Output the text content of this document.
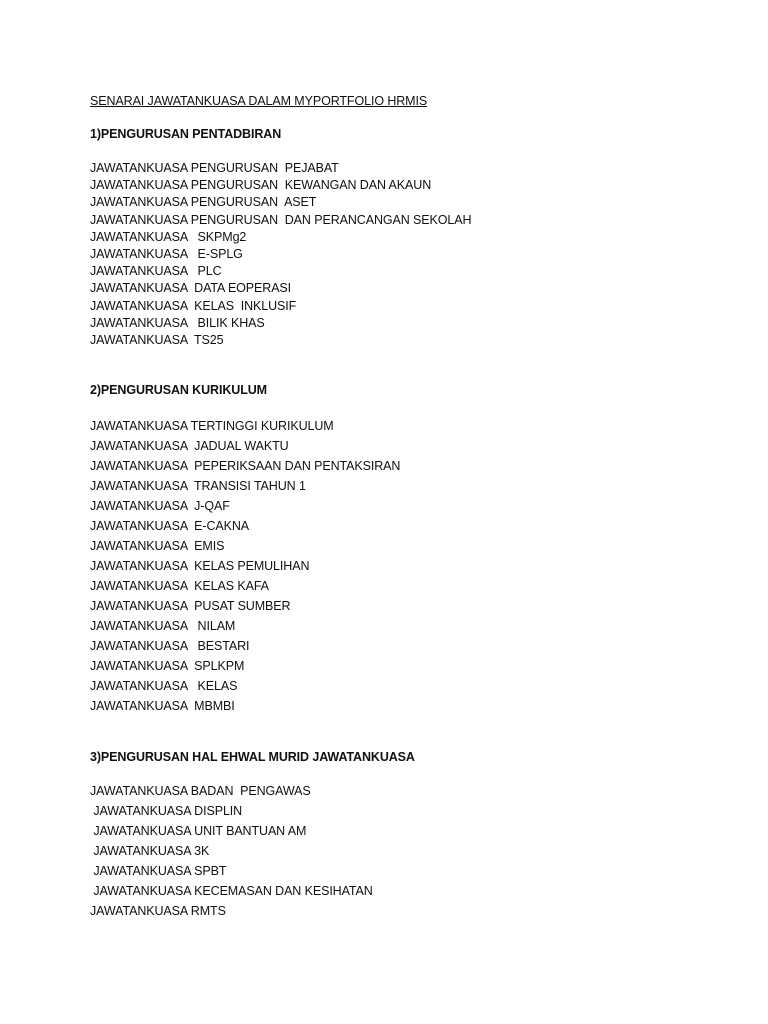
SENARAI JAWATANKUASA DALAM MYPORTFOLIO HRMIS
1)PENGURUSAN PENTADBIRAN
JAWATANKUASA PENGURUSAN  PEJABAT
JAWATANKUASA PENGURUSAN  KEWANGAN DAN AKAUN
JAWATANKUASA PENGURUSAN  ASET
JAWATANKUASA PENGURUSAN  DAN PERANCANGAN SEKOLAH
JAWATANKUASA   SKPMg2
JAWATANKUASA   E-SPLG
JAWATANKUASA   PLC
JAWATANKUASA  DATA EOPERASI
JAWATANKUASA  KELAS  INKLUSIF
JAWATANKUASA   BILIK KHAS
JAWATANKUASA  TS25
2)PENGURUSAN KURIKULUM
JAWATANKUASA TERTINGGI KURIKULUM
JAWATANKUASA  JADUAL WAKTU
JAWATANKUASA  PEPERIKSAAN DAN PENTAKSIRAN
JAWATANKUASA  TRANSISI TAHUN 1
JAWATANKUASA  J-QAF
JAWATANKUASA  E-CAKNA
JAWATANKUASA  EMIS
JAWATANKUASA  KELAS PEMULIHAN
JAWATANKUASA  KELAS KAFA
JAWATANKUASA  PUSAT SUMBER
JAWATANKUASA   NILAM
JAWATANKUASA   BESTARI
JAWATANKUASA  SPLKPM
JAWATANKUASA   KELAS
JAWATANKUASA  MBMBI
3)PENGURUSAN HAL EHWAL MURID JAWATANKUASA
JAWATANKUASA BADAN  PENGAWAS
JAWATANKUASA DISPLIN
JAWATANKUASA UNIT BANTUAN AM
JAWATANKUASA 3K
JAWATANKUASA SPBT
JAWATANKUASA KECEMASAN DAN KESIHATAN
JAWATANKUASA RMTS
